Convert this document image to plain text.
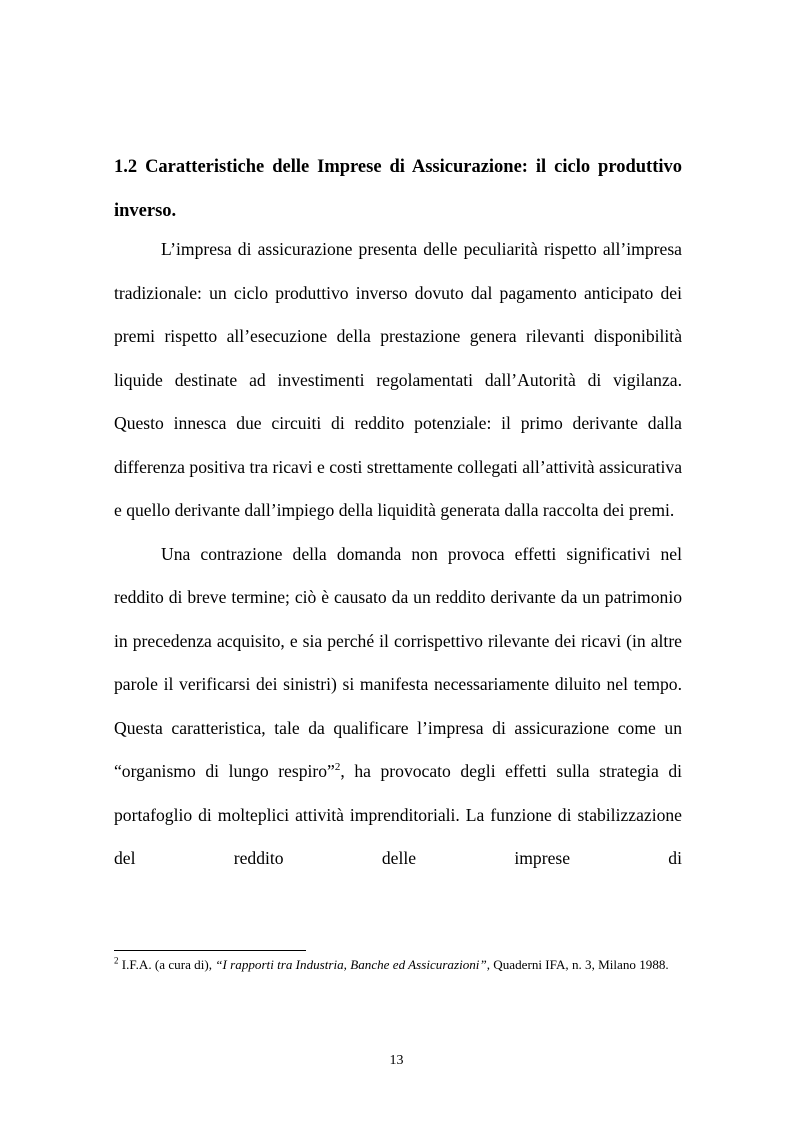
1.2 Caratteristiche delle Imprese di Assicurazione: il ciclo produttivo inverso.

L’impresa di assicurazione presenta delle peculiarità rispetto all’impresa tradizionale: un ciclo produttivo inverso dovuto dal pagamento anticipato dei premi rispetto all’esecuzione della prestazione genera rilevanti disponibilità liquide destinate ad investimenti regolamentati dall’Autorità di vigilanza. Questo innesca due circuiti di reddito potenziale: il primo derivante dalla differenza positiva tra ricavi e costi strettamente collegati all’attività assicurativa e quello derivante dall’impiego della liquidità generata dalla raccolta dei premi.

Una contrazione della domanda non provoca effetti significativi nel reddito di breve termine; ciò è causato da un reddito derivante da un patrimonio in precedenza acquisito, e sia perché il corrispettivo rilevante dei ricavi (in altre parole il verificarsi dei sinistri) si manifesta necessariamente diluito nel tempo. Questa caratteristica, tale da qualificare l’impresa di assicurazione come un “organismo di lungo respiro”$^2$, ha provocato degli effetti sulla strategia di portafoglio di molteplici attività imprenditoriali. La funzione di stabilizzazione del reddito delle imprese di

$^2$ I.F.A. (a cura di), “I rapporti tra Industria, Banche ed Assicurazioni”, Quaderni IFA, n. 3, Milano 1988.

13
